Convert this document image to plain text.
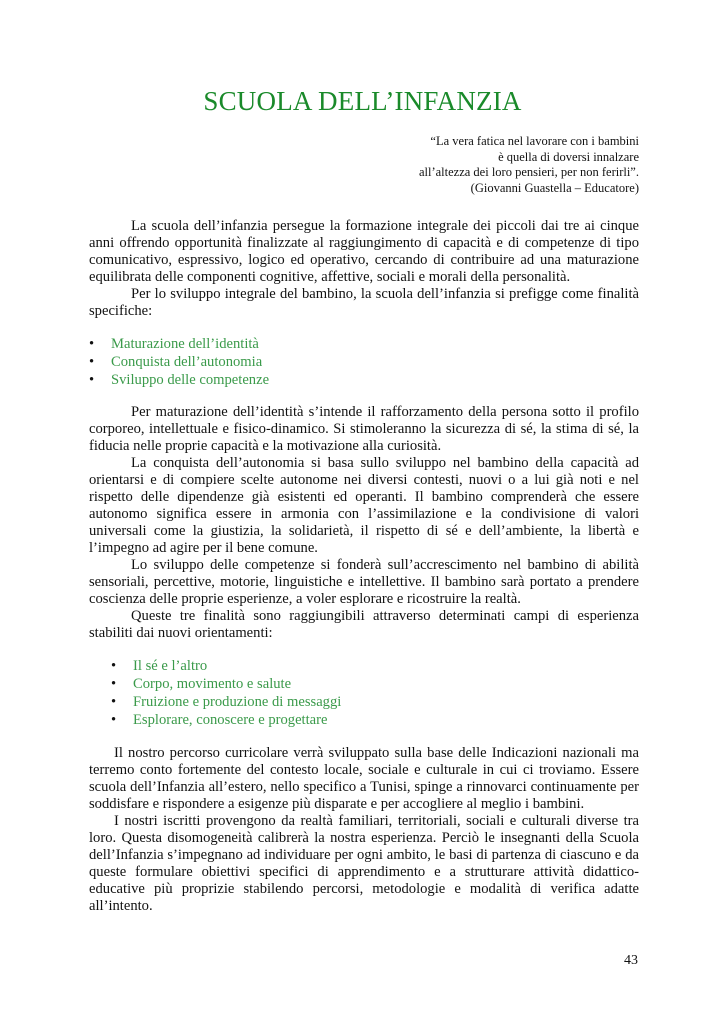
SCUOLA DELL’INFANZIA
“La vera fatica nel lavorare con i bambini
è quella di doversi innalzare
all’altezza dei loro pensieri, per non ferirli”.
(Giovanni Guastella – Educatore)

La scuola dell’infanzia persegue la formazione integrale dei piccoli dai tre ai cinque anni offrendo opportunità finalizzate al raggiungimento di capacità e di competenze di tipo comunicativo, espressivo, logico ed operativo, cercando di contribuire ad una maturazione equilibrata delle componenti cognitive, affettive, sociali e morali della personalità.

Per lo sviluppo integrale del bambino, la scuola dell’infanzia si prefigge come finalità specifiche:

• Maturazione dell’identità
• Conquista dell’autonomia
• Sviluppo delle competenze

Per maturazione dell’identità s’intende il rafforzamento della persona sotto il profilo corporeo, intellettuale e fisico-dinamico. Si stimoleranno la sicurezza di sé, la stima di sé, la fiducia nelle proprie capacità e la motivazione alla curiosità.

La conquista dell’autonomia si basa sullo sviluppo nel bambino della capacità ad orientarsi e di compiere scelte autonome nei diversi contesti, nuovi o a lui già noti e nel rispetto delle dipendenze già esistenti ed operanti. Il bambino comprenderà che essere autonomo significa essere in armonia con l’assimilazione e la condivisione di valori universali come la giustizia, la solidarietà, il rispetto di sé e dell’ambiente, la libertà e l’impegno ad agire per il bene comune.

Lo sviluppo delle competenze si fonderà sull’accrescimento nel bambino di abilità sensoriali, percettive, motorie, linguistiche e intellettive. Il bambino sarà portato a prendere coscienza delle proprie esperienze, a voler esplorare e ricostruire la realtà.

Queste tre finalità sono raggiungibili attraverso determinati campi di esperienza stabiliti dai nuovi orientamenti:

• Il sé e l’altro
• Corpo, movimento e salute
• Fruizione e produzione di messaggi
• Esplorare, conoscere e progettare

Il nostro percorso curricolare verrà sviluppato sulla base delle Indicazioni nazionali ma terremo conto fortemente del contesto locale, sociale e culturale in cui ci troviamo. Essere scuola dell’Infanzia all’estero, nello specifico a Tunisi, spinge a rinnovarci continuamente per soddisfare e rispondere a esigenze più disparate e per accogliere al meglio i bambini.

I nostri iscritti provengono da realtà familiari, territoriali, sociali e culturali diverse tra loro. Questa disomogeneità calibrerà la nostra esperienza. Perciò le insegnanti della Scuola dell’Infanzia s’impegnano ad individuare per ogni ambito, le basi di partenza di ciascuno e da queste formulare obiettivi specifici di apprendimento e a strutturare attività didattico-educative più proprizie stabilendo percorsi, metodologie e modalità di verifica adatte all’intento.

43
